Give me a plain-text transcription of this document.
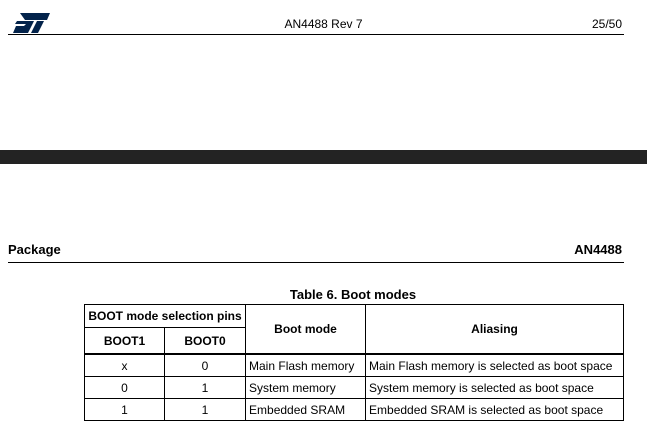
AN4488 Rev 7	25/50
Package	AN4488
Table 6. Boot modes
BOOT mode selection pins		Boot mode	Aliasing
BOOT1	BOOT0		
x	0	Main Flash memory	Main Flash memory is selected as boot space
0	1	System memory	System memory is selected as boot space
1	1	Embedded SRAM	Embedded SRAM is selected as boot space
